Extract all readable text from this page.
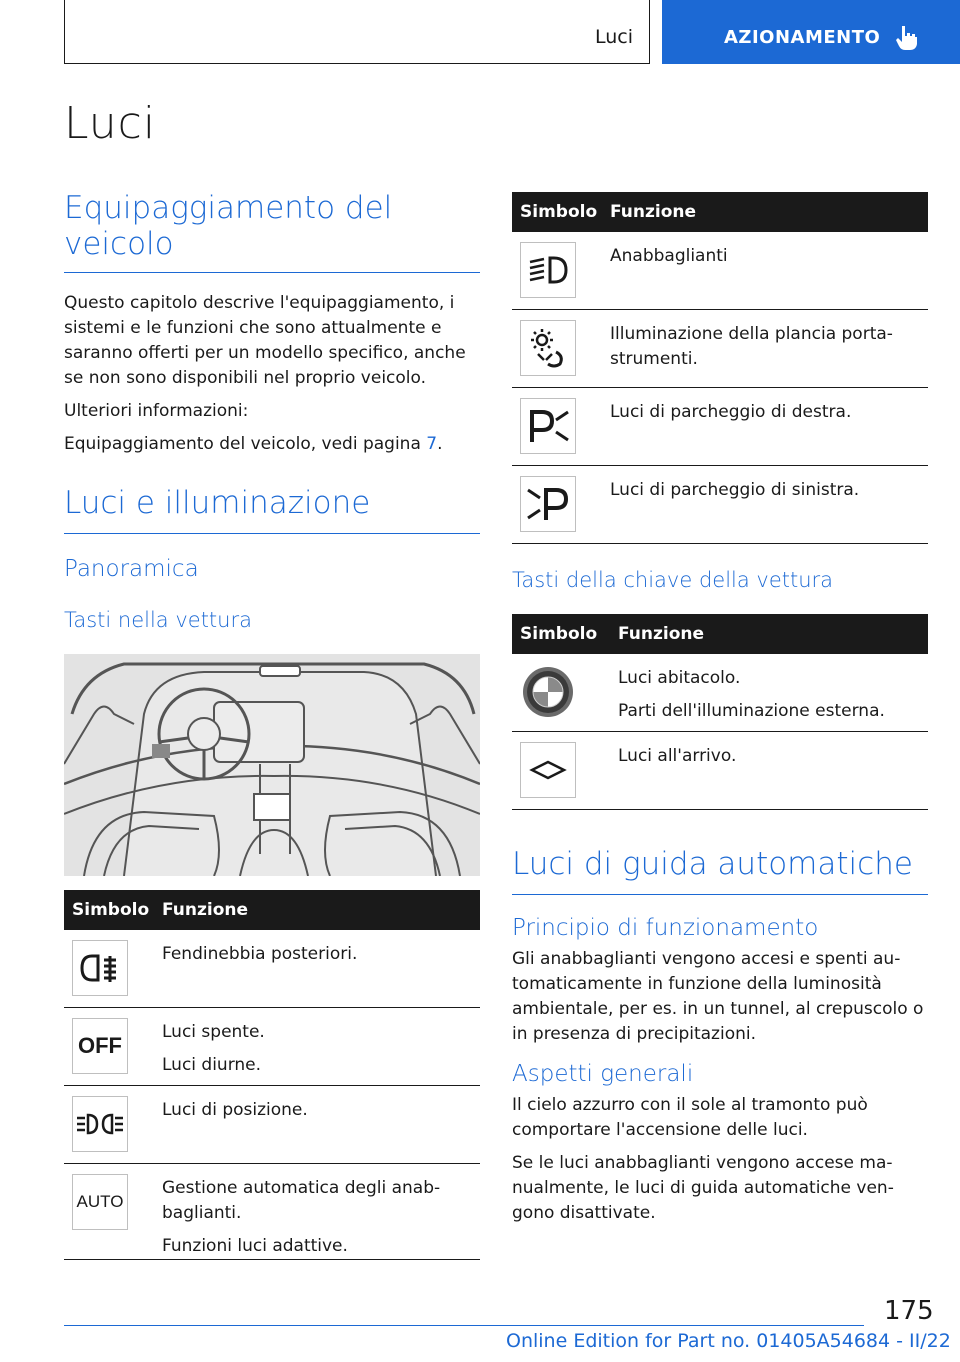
Luci	AZIONAMENTO
Luci
Equipaggiamento del veicolo
Questo capitolo descrive l'equipaggiamento, i sistemi e le funzioni che sono attualmente e saranno offerti per un modello specifico, anche se non sono disponibili nel proprio veicolo.
Ulteriori informazioni:
Equipaggiamento del veicolo, vedi pagina 7.
Luci e illuminazione
Panoramica
Tasti nella vettura
Simbolo Funzione
Fendinebbia posteriori.
OFF
Luci spente.
Luci diurne.
Luci di posizione.
AUTO
Gestione automatica degli anab-baglianti.
Funzioni luci adattive.
Simbolo Funzione
Anabbaglianti
Illuminazione della plancia porta-strumenti.
Luci di parcheggio di destra.
Luci di parcheggio di sinistra.
Tasti della chiave della vettura
Simbolo Funzione
Luci abitacolo.
Parti dell'illuminazione esterna.
Luci all'arrivo.
Luci di guida automatiche
Principio di funzionamento
Gli anabbaglianti vengono accesi e spenti au-tomaticamente in funzione della luminosità ambientale, per es. in un tunnel, al crepuscolo o in presenza di precipitazioni.
Aspetti generali
Il cielo azzurro con il sole al tramonto può comportare l'accensione delle luci.
Se le luci anabbaglianti vengono accese ma-nualmente, le luci di guida automatiche ven-gono disattivate.
175
Online Edition for Part no. 01405A54684 - II/22
